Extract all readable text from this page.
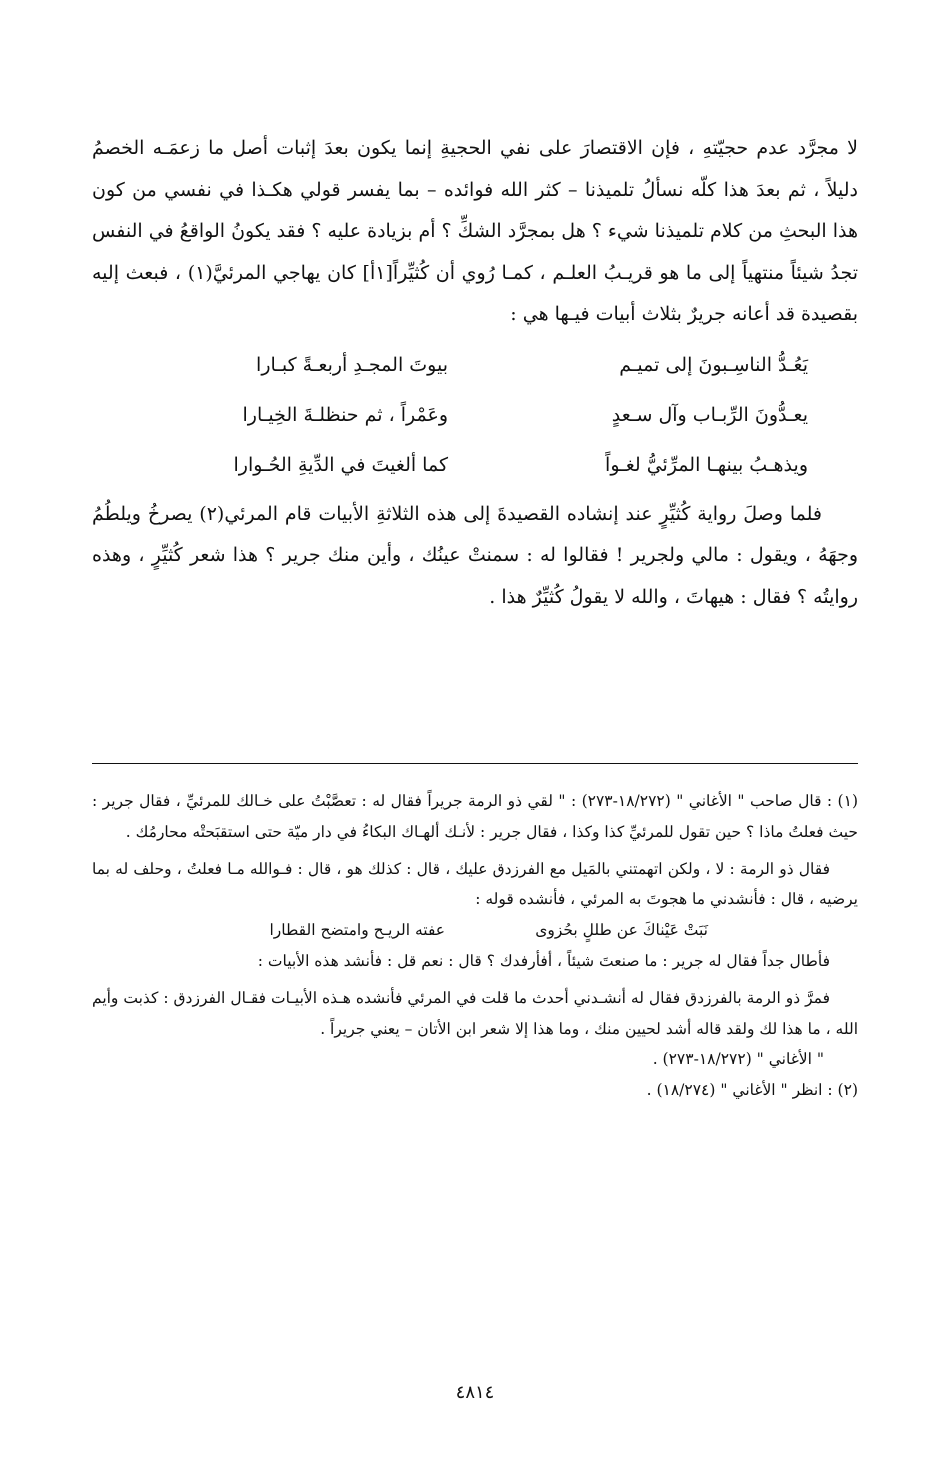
لا مجرَّد عدم حجيّتهِ ، فإن الاقتصارَ على نفي الحجيةِ إنما يكون بعدَ إثبات أصل ما زعمَـه الخصمُ دليلاً ، ثم بعدَ هذا كلّه نسألُ تلميذنا – كثر الله فوائده – بما يفسر قولي هكـذا في نفسي من كون هذا البحثِ من كلام تلميذنا شيء ؟ هل بمجرَّد الشكِّ ؟ أم بزيادة عليه ؟ فقد يكونُ الواقعُ في النفس تجدُ شيئاً منتهياً إلى ما هو قريـبُ العلـم ، كمـا رُوي أن كُثيِّراً[١أ] كان يهاجي المرئيَّ(١) ، فبعث إليه بقصيدة قد أعانه جريرٌ بثلاث أبيات فيـها هي :

يَعُـدُّ الناسِـبونَ إلى تميـم
بيوتَ المجـدِ أربعـةً كبـارا
يعـدُّونَ الرِّبـاب وآل سـعدٍ
وعَمْراً ، ثم حنظلـةَ الخِيـارا
ويذهـبُ بينهـا المرِّئيُّ لغـواً
كما ألغيتَ في الدِّيةِ الحُـوارا

فلما وصلَ رواية كُثيِّرٍ عند إنشاده القصيدةَ إلى هذه الثلاثةِ الأبيات قام المرئي(٢) يصرخُ ويلطُمُ وجهَهُ ، ويقول : مالي ولجرير ! فقالوا له : سمنتْ عينُك ، وأين منك جرير ؟ هذا شعر كُثيِّرٍ ، وهذه روايتُه ؟ فقال : هيهاتَ ، والله لا يقولُ كُثيِّرٌ هذا .

(١) : قال صاحب " الأغاني " (١٨/٢٧٢-٢٧٣) : " لقي ذو الرمة جريراً فقال له : تعصَّبْتُ على خـالك للمرئيِّ ، فقال جرير : حيث فعلتُ ماذا ؟ حين تقول للمرئيِّ كذا وكذا ، فقال جرير : لأنـك ألهـاك البكاءُ في دار ميّة حتى استقبَحتْه محارمُك .

فقال ذو الرمة : لا ، ولكن اتهمتني بالمَيل مع الفرزدق عليك ، قال : كذلك هو ، قال : فـوالله مـا فعلتُ ، وحلف له بما يرضيه ، قال : فأنشدني ما هجوتَ به المرئي ، فأنشده قوله :

نَبَتْ عَيْناكَ عن طللٍ بحُزوى عفته الريـح وامتضح القطارا

فأطال جداً فقال له جرير : ما صنعتَ شيئاً ، أفأرفدك ؟ قال : نعم قل : فأنشد هذه الأبيات :

فمرَّ ذو الرمة بالفرزدق فقال له أنشـدني أحدث ما قلت في المرئي فأنشده هـذه الأبيـات فقـال الفرزدق : كذبت وأيم الله ، ما هذا لك ولقد قاله أشد لحيين منك ، وما هذا إلا شعر ابن الأتان – يعني جريراً .

" الأغاني " (١٨/٢٧٢-٢٧٣) .

(٢) : انظر " الأغاني " (١٨/٢٧٤) .

٤٨١٤
